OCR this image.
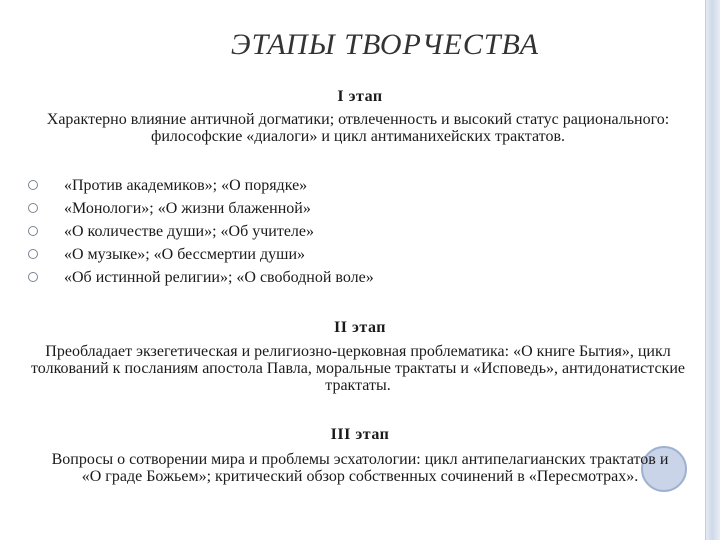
ЭТАПЫ ТВОРЧЕСТВА
I этап
Характерно влияние античной догматики; отвлеченность и высокий статус рационального: философские «диалоги» и цикл антиманихейских трактатов.
«Против академиков»; «О порядке»
«Монологи»; «О жизни блаженной»
«О количестве души»; «Об учителе»
«О музыке»; «О бессмертии души»
«Об истинной религии»; «О свободной воле»
II этап
Преобладает экзегетическая и религиозно-церковная проблематика: «О книге Бытия», цикл толкований к посланиям апостола Павла, моральные трактаты и «Исповедь», антидонатистские трактаты.
III этап
Вопросы о сотворении мира и проблемы эсхатологии: цикл антипелагианских трактатов и «О граде Божьем»; критический обзор собственных сочинений в «Пересмотрах».
